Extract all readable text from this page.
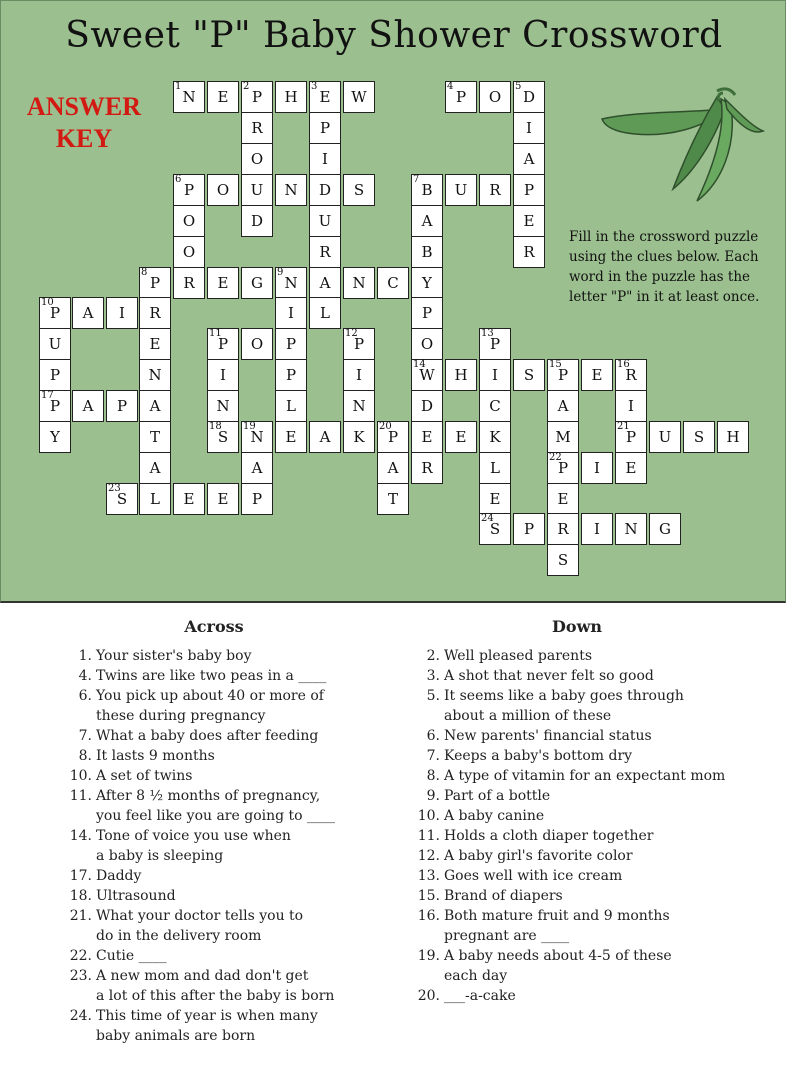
Sweet "P" Baby Shower Crossword
ANSWER KEY
Fill in the crossword puzzle using the clues below. Each word in the puzzle has the letter "P" in it at least once.
1
N E
2
P H
3
E W
4
P O
5
D
R	P	I
O	I	A
6
P O U N D S
7
B U R P
O	D	U	A	E
O	R	B	R
8
P R E G
9
N A N C Y
10
P A I R	I L	P
U	E
11
P O P
12
P	O
13
P
P	N	I	P	I
14
W H I S
15
P E
16
R
17
P A P A	N	L	N	D	C	A	I
Y	T
18
S
19
N E A K
20
P E E K	M
21
P U S H
A	A	A R	L
22
P I E
23
S L E E P	T	E	E
24
S P R I N G
S
Across
1. Your sister's baby boy
4. Twins are like two peas in a ____
6. You pick up about 40 or more of
these during pregnancy
7. What a baby does after feeding
8. It lasts 9 months
10. A set of twins
11. After 8 ½ months of pregnancy,
you feel like you are going to ____
14. Tone of voice you use when
a baby is sleeping
17. Daddy
18. Ultrasound
21. What your doctor tells you to
do in the delivery room
22. Cutie ____
23. A new mom and dad don't get
a lot of this after the baby is born
24. This time of year is when many
baby animals are born
Down
2. Well pleased parents
3. A shot that never felt so good
5. It seems like a baby goes through
about a million of these
6. New parents' financial status
7. Keeps a baby's bottom dry
8. A type of vitamin for an expectant mom
9. Part of a bottle
10. A baby canine
11. Holds a cloth diaper together
12. A baby girl's favorite color
13. Goes well with ice cream
15. Brand of diapers
16. Both mature fruit and 9 months
pregnant are ____
19. A baby needs about 4-5 of these
each day
20. ___-a-cake
